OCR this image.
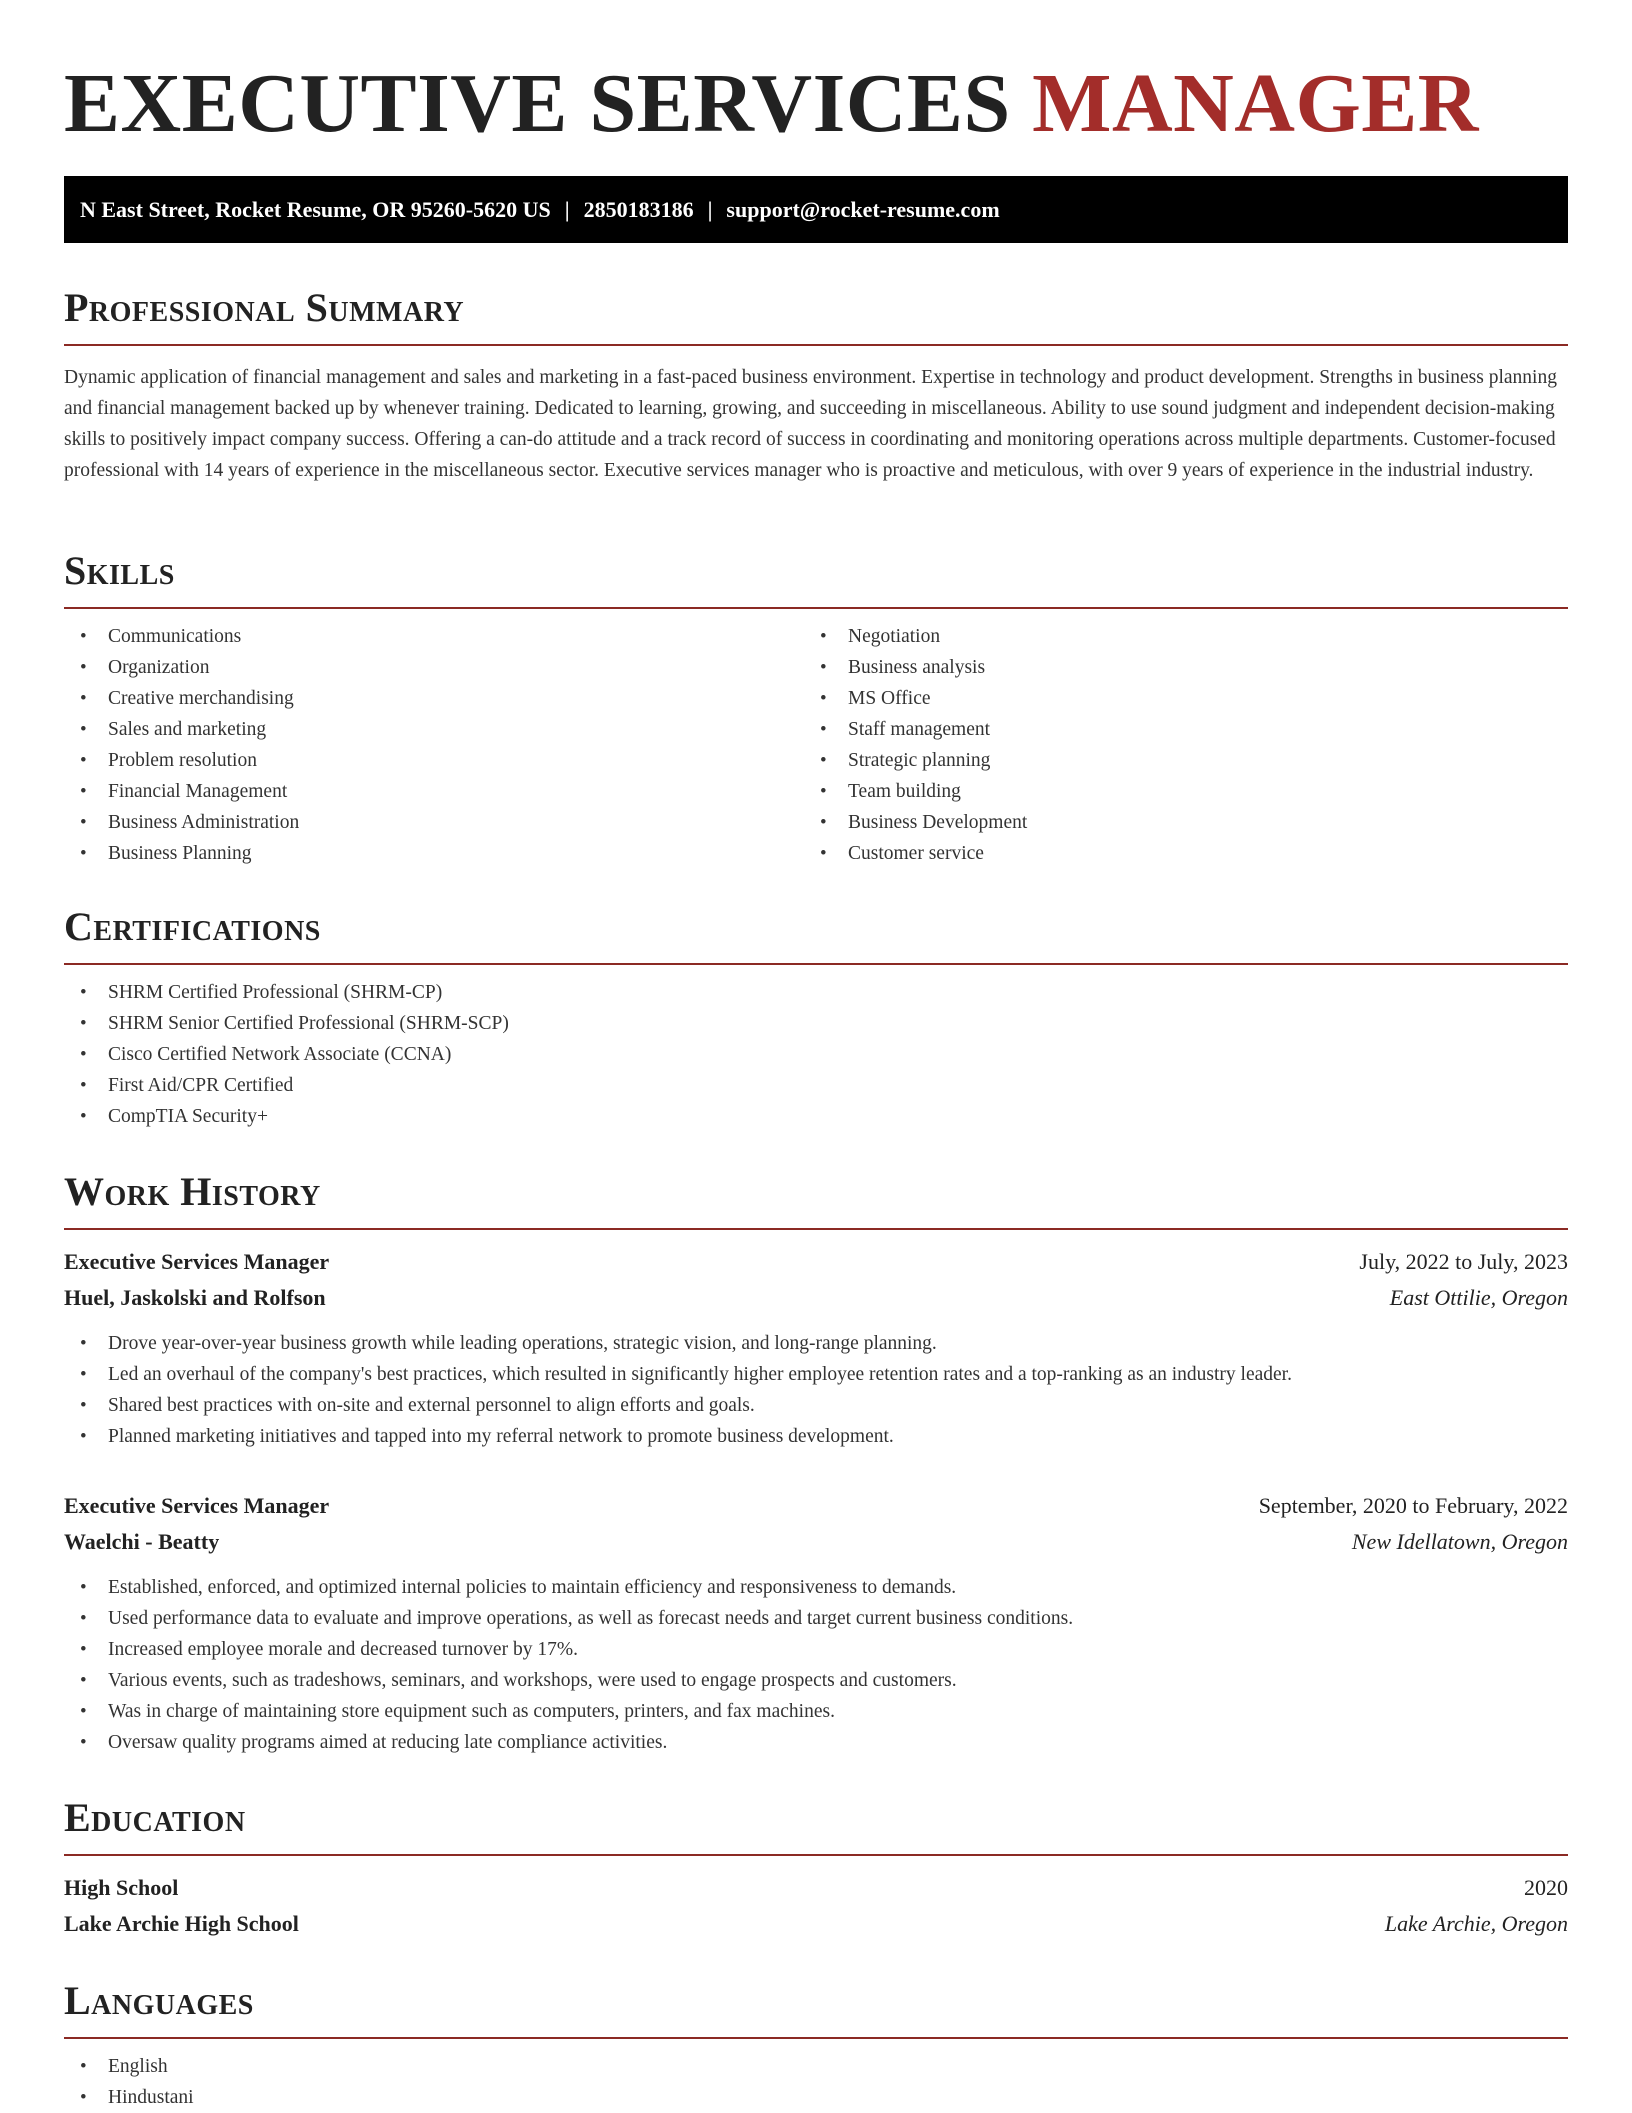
EXECUTIVE SERVICES MANAGER
N East Street, Rocket Resume, OR 95260-5620 US | 2850183186 | support@rocket-resume.com
Professional Summary

Dynamic application of financial management and sales and marketing in a fast-paced business environment. Expertise in technology and product development. Strengths in business planning and financial management backed up by whenever training. Dedicated to learning, growing, and succeeding in miscellaneous. Ability to use sound judgment and independent decision-making skills to positively impact company success. Offering a can-do attitude and a track record of success in coordinating and monitoring operations across multiple departments. Customer-focused professional with 14 years of experience in the miscellaneous sector. Executive services manager who is proactive and meticulous, with over 9 years of experience in the industrial industry.

Skills
• Communications
• Organization
• Creative merchandising
• Sales and marketing
• Problem resolution
• Financial Management
• Business Administration
• Business Planning
• Negotiation
• Business analysis
• MS Office
• Staff management
• Strategic planning
• Team building
• Business Development
• Customer service
Certifications
• SHRM Certified Professional (SHRM-CP)
• SHRM Senior Certified Professional (SHRM-SCP)
• Cisco Certified Network Associate (CCNA)
• First Aid/CPR Certified
• CompTIA Security+
Work History
Executive Services Manager	July, 2022 to July, 2023
Huel, Jaskolski and Rolfson	East Ottilie, Oregon
• Drove year-over-year business growth while leading operations, strategic vision, and long-range planning.
• Led an overhaul of the company's best practices, which resulted in significantly higher employee retention rates and a top-ranking as an industry leader.
• Shared best practices with on-site and external personnel to align efforts and goals.
• Planned marketing initiatives and tapped into my referral network to promote business development.
Executive Services Manager	September, 2020 to February, 2022
Waelchi - Beatty	New Idellatown, Oregon
• Established, enforced, and optimized internal policies to maintain efficiency and responsiveness to demands.
• Used performance data to evaluate and improve operations, as well as forecast needs and target current business conditions.
• Increased employee morale and decreased turnover by 17%.
• Various events, such as tradeshows, seminars, and workshops, were used to engage prospects and customers.
• Was in charge of maintaining store equipment such as computers, printers, and fax machines.
• Oversaw quality programs aimed at reducing late compliance activities.
Education
High School	2020
Lake Archie High School	Lake Archie, Oregon
Languages
• English
• Hindustani
